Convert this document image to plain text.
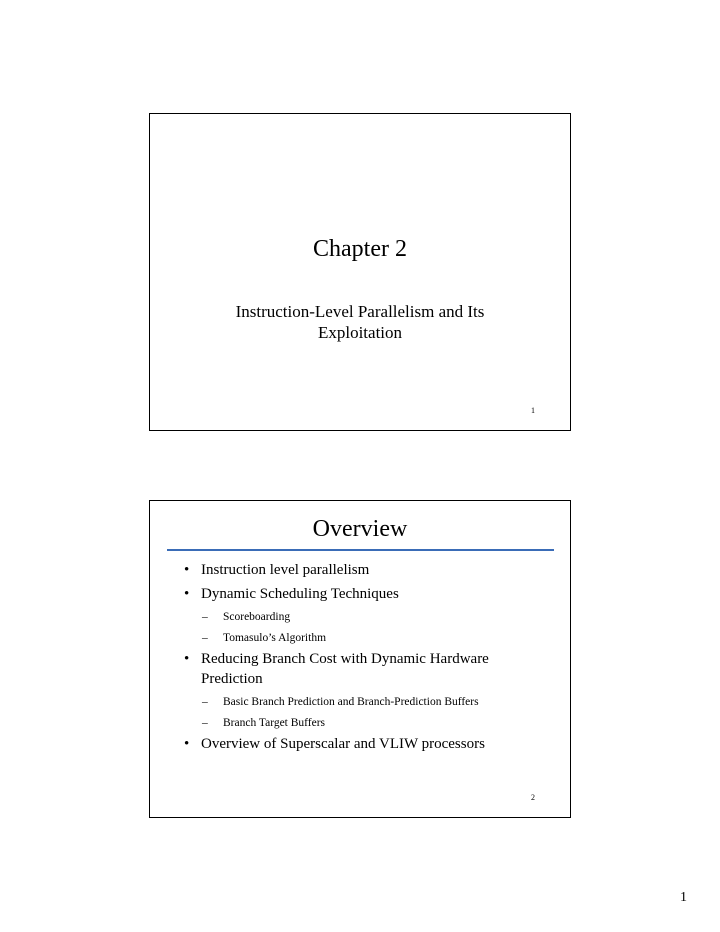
Chapter 2
Instruction-Level Parallelism and Its
Exploitation
1
Overview
• Instruction level parallelism
• Dynamic Scheduling Techniques
– Scoreboarding
– Tomasulo’s Algorithm
• Reducing Branch Cost with Dynamic Hardware
Prediction
– Basic Branch Prediction and Branch-Prediction Buffers
– Branch Target Buffers
• Overview of Superscalar and VLIW processors
2
1
